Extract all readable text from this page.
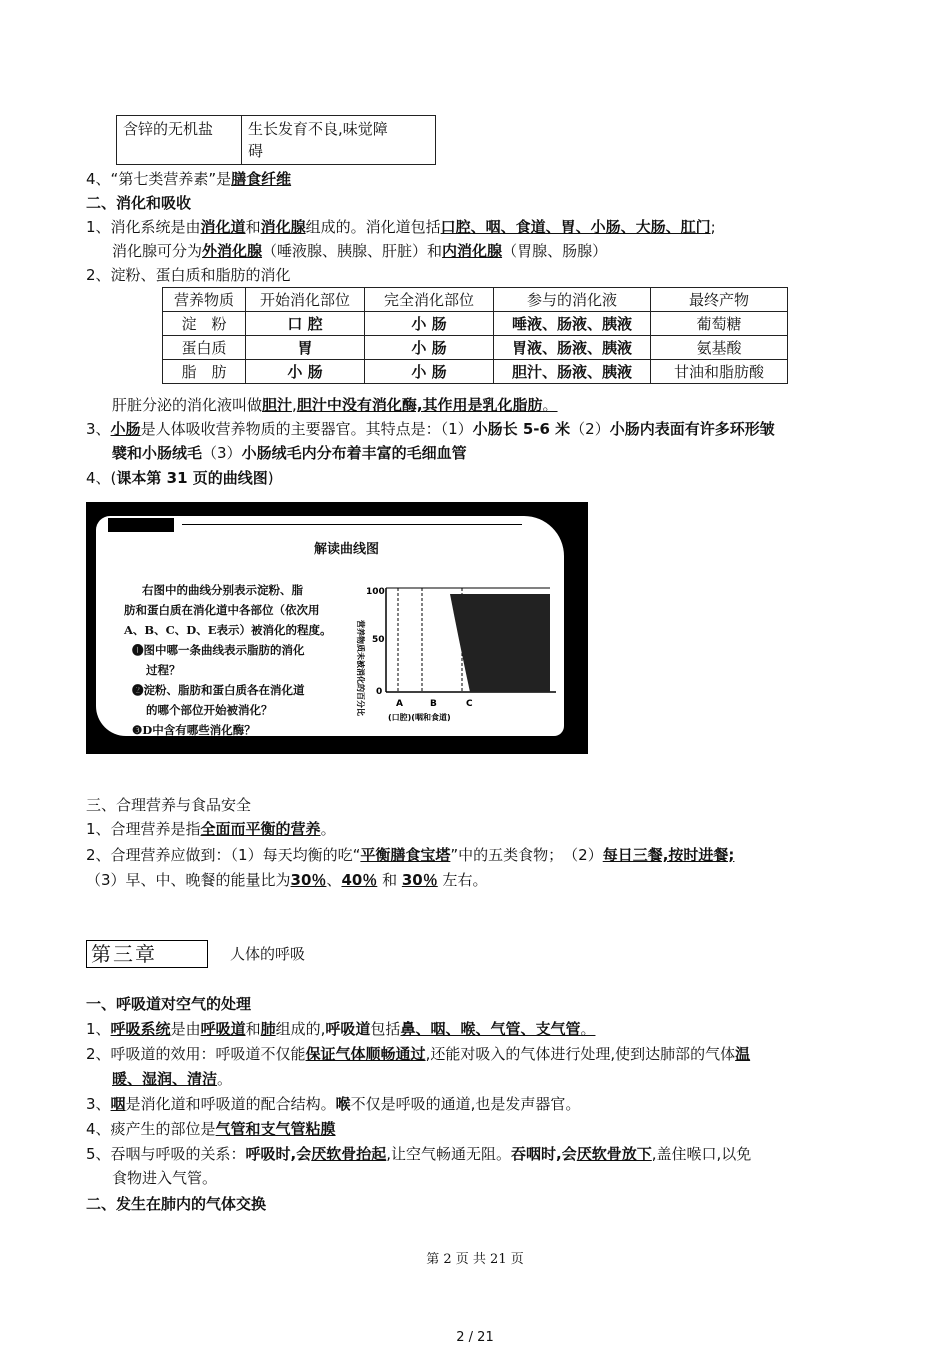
含锌的无机盐	生长发育不良,味觉障
碍
4、“第七类营养素”是膳食纤维
二、消化和吸收
1、消化系统是由消化道和消化腺组成的。消化道包括口腔、咽、食道、胃、小肠、大肠、肛门;
消化腺可分为外消化腺（唾液腺、胰腺、肝脏）和内消化腺（胃腺、肠腺）
2、淀粉、蛋白质和脂肪的消化
营养物质	开始消化部位	完全消化部位	参与的消化液	最终产物
淀　粉	口 腔	小 肠	唾液、肠液、胰液	葡萄糖
蛋白质	胃	小 肠	胃液、肠液、胰液	氨基酸
脂　肪	小 肠	小 肠	胆汁、肠液、胰液	甘油和脂肪酸
肝脏分泌的消化液叫做胆汁,胆汁中没有消化酶,其作用是乳化脂肪。
3、小肠是人体吸收营养物质的主要器官。其特点是：（1）小肠长 5-6 米（2）小肠内表面有许多环形皱
襞和小肠绒毛（3）小肠绒毛内分布着丰富的毛细血管
4、(课本第 31 页的曲线图)
解读曲线图
右图中的曲线分别表示淀粉、脂
肪和蛋白质在消化道中各部位（依次用
A、B、C、D、E表示）被消化的程度。
❶图中哪一条曲线表示脂肪的消化
过程？
❷淀粉、脂肪和蛋白质各在消化道
的哪个部位开始被消化？
❸D中含有哪些消化酶？
营养物质未被消化的百分比
100
50
0
A	B	C
(口腔)(咽和食道)
三、合理营养与食品安全
1、合理营养是指全面而平衡的营养。
2、合理营养应做到：（1）每天均衡的吃“平衡膳食宝塔”中的五类食物；　（2）每日三餐,按时进餐;
（3）早、中、晚餐的能量比为30％、40％ 和 30％ 左右。
第三章	人体的呼吸
一、呼吸道对空气的处理
1、呼吸系统是由呼吸道和肺组成的,呼吸道包括鼻、咽、喉、气管、支气管。
2、呼吸道的效用：呼吸道不仅能保证气体顺畅通过,还能对吸入的气体进行处理,使到达肺部的气体温
暖、湿润、清洁。
3、咽是消化道和呼吸道的配合结构。喉不仅是呼吸的通道,也是发声器官。
4、痰产生的部位是气管和支气管粘膜
5、吞咽与呼吸的关系：呼吸时,会厌软骨抬起,让空气畅通无阻。吞咽时,会厌软骨放下,盖住喉口,以免
食物进入气管。
二、发生在肺内的气体交换
第 2 页 共 21 页
2 / 21
